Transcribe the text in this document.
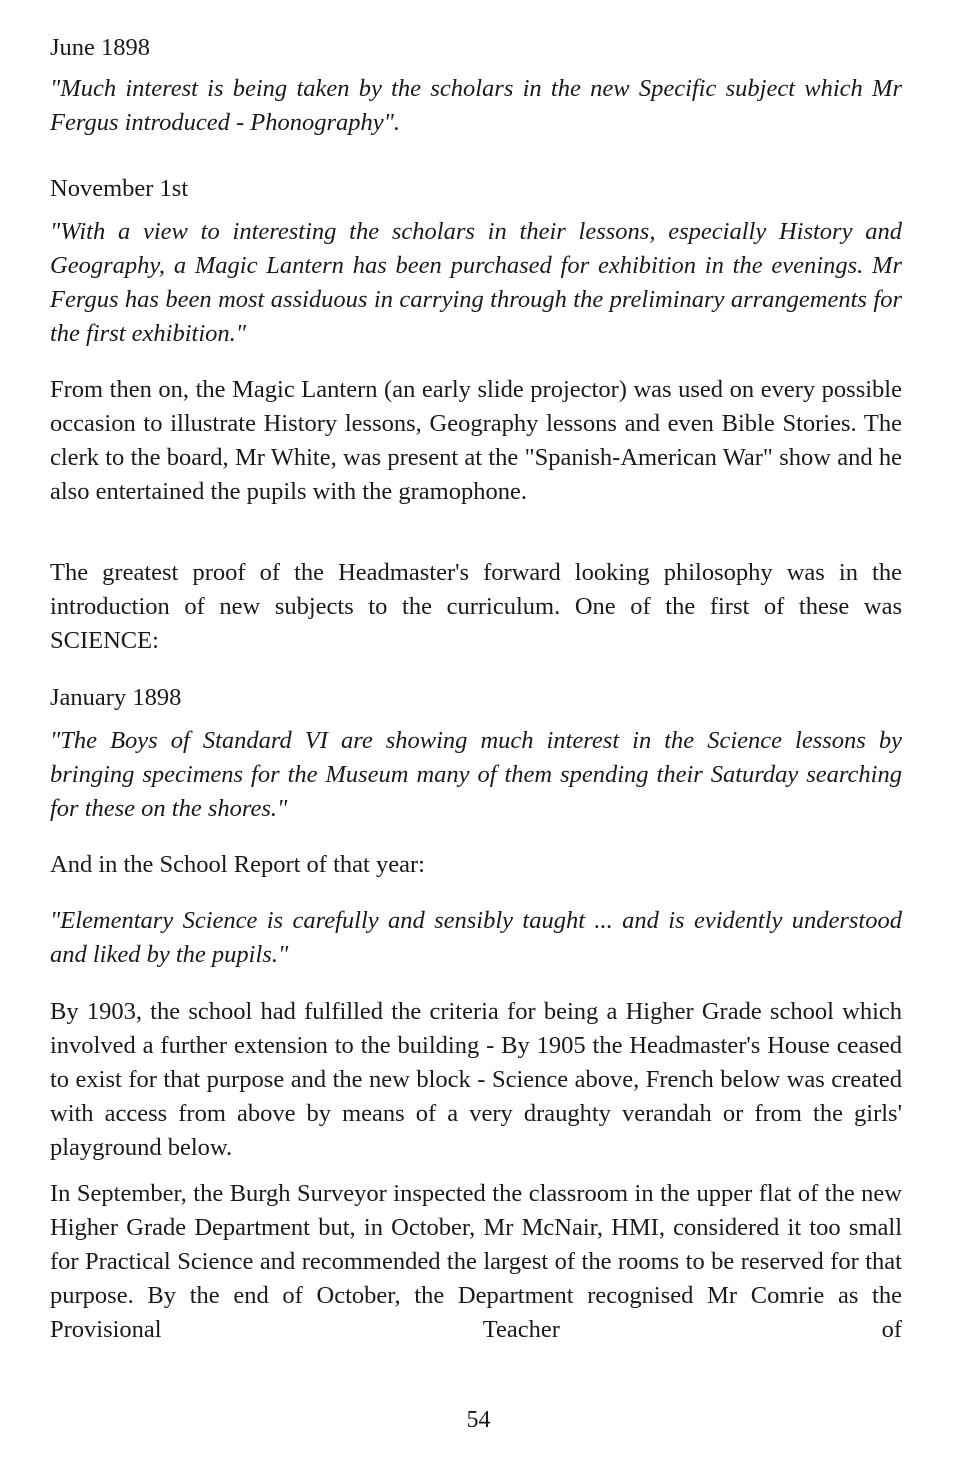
June 1898

"Much interest is being taken by the scholars in the new Specific subject which Mr Fergus introduced - Phonography".

November 1st

"With a view to interesting the scholars in their lessons, especially History and Geography, a Magic Lantern has been purchased for exhibition in the evenings. Mr Fergus has been most assiduous in carrying through the preliminary arrangements for the first exhibition."

From then on, the Magic Lantern (an early slide projector) was used on every possible occasion to illustrate History lessons, Geography lessons and even Bible Stories. The clerk to the board, Mr White, was present at the "Spanish-American War" show and he also entertained the pupils with the gramophone.

The greatest proof of the Headmaster's forward looking philosophy was in the introduction of new subjects to the curriculum. One of the first of these was SCIENCE:

January 1898

"The Boys of Standard VI are showing much interest in the Science lessons by bringing specimens for the Museum many of them spending their Saturday searching for these on the shores."

And in the School Report of that year:

"Elementary Science is carefully and sensibly taught ... and is evidently understood and liked by the pupils."

By 1903, the school had fulfilled the criteria for being a Higher Grade school which involved a further extension to the building - By 1905 the Headmaster's House ceased to exist for that purpose and the new block - Science above, French below was created with access from above by means of a very draughty verandah or from the girls' playground below.

In September, the Burgh Surveyor inspected the classroom in the upper flat of the new Higher Grade Department but, in October, Mr McNair, HMI, considered it too small for Practical Science and recommended the largest of the rooms to be reserved for that purpose. By the end of October, the Department recognised Mr Comrie as the Provisional Teacher of

54
